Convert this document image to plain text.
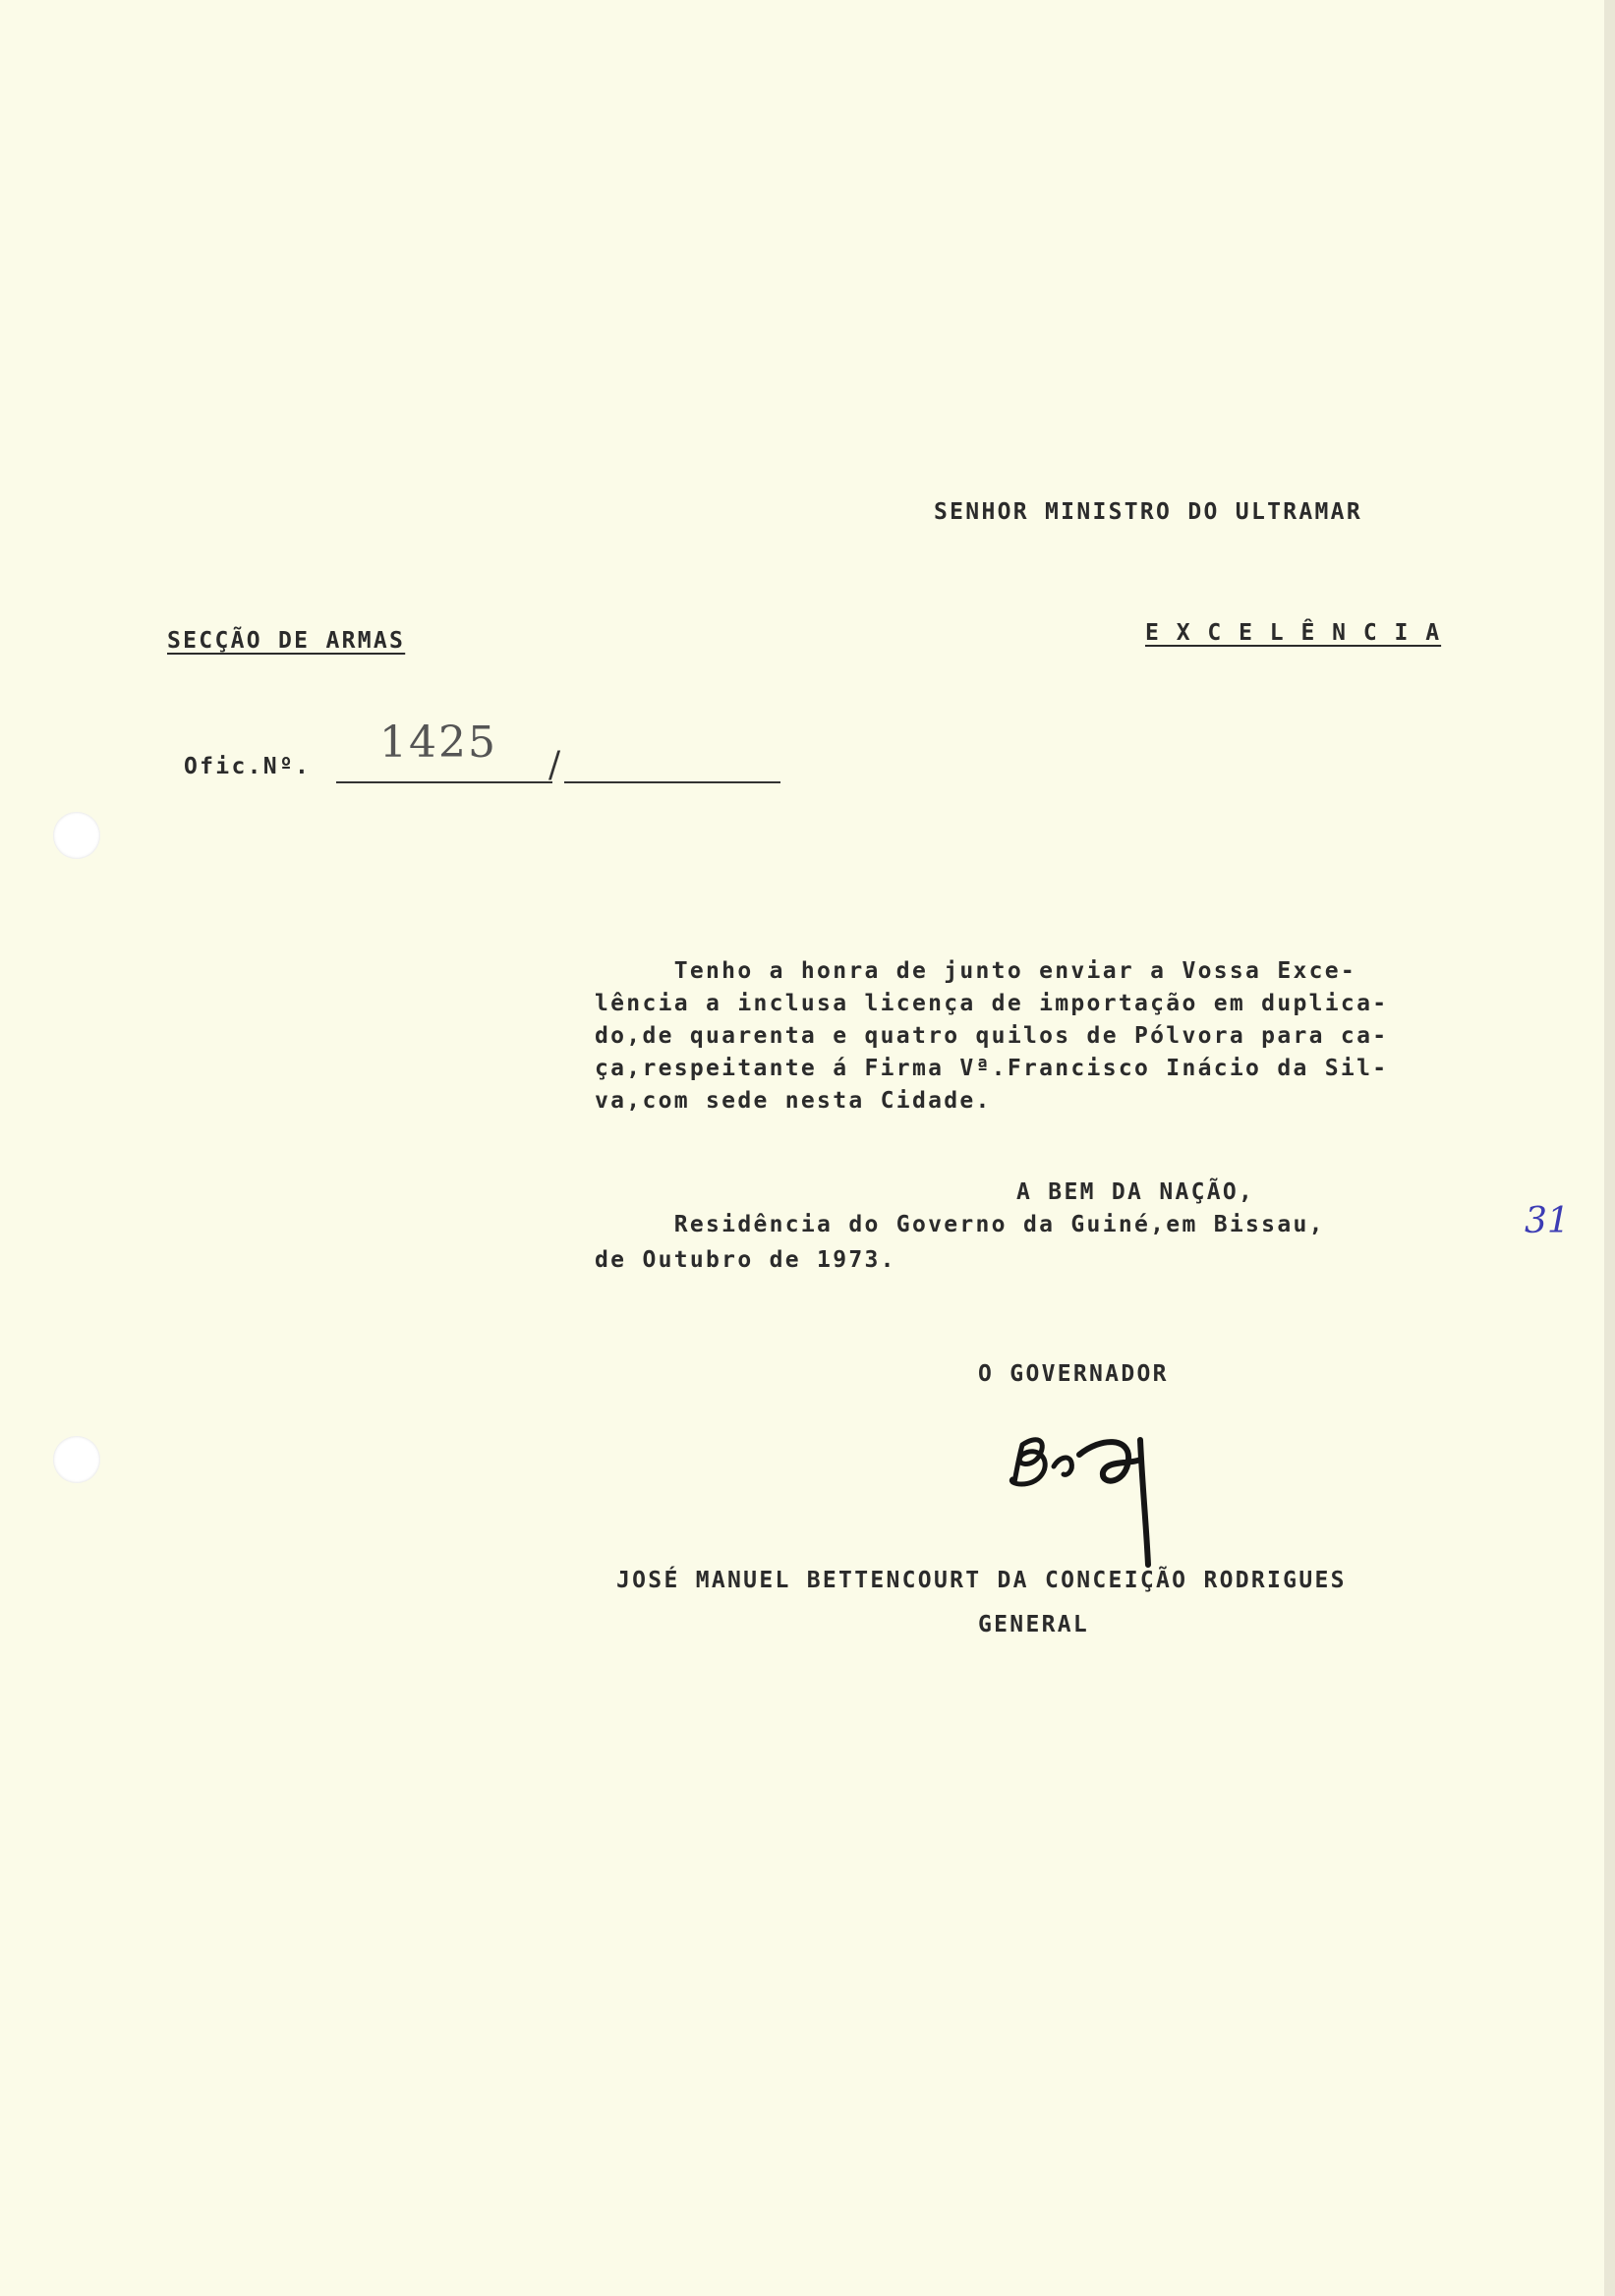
SENHOR MINISTRO DO ULTRAMAR
SECÇÃO DE ARMAS	E X C E L Ê N C I A
Ofic.Nº. 1425 /
Tenho a honra de junto enviar a Vossa Exce-
lência a inclusa licença de importação em duplica-
do,de quarenta e quatro quilos de Pólvora para ca-
ça,respeitante á Firma Vª.Francisco Inácio da Sil-
va,com sede nesta Cidade.
A BEM DA NAÇÃO,
Residência do Governo da Guiné,em Bissau,	31
de Outubro de 1973.
O GOVERNADOR
JOSÉ MANUEL BETTENCOURT DA CONCEIÇÃO RODRIGUES
GENERAL
